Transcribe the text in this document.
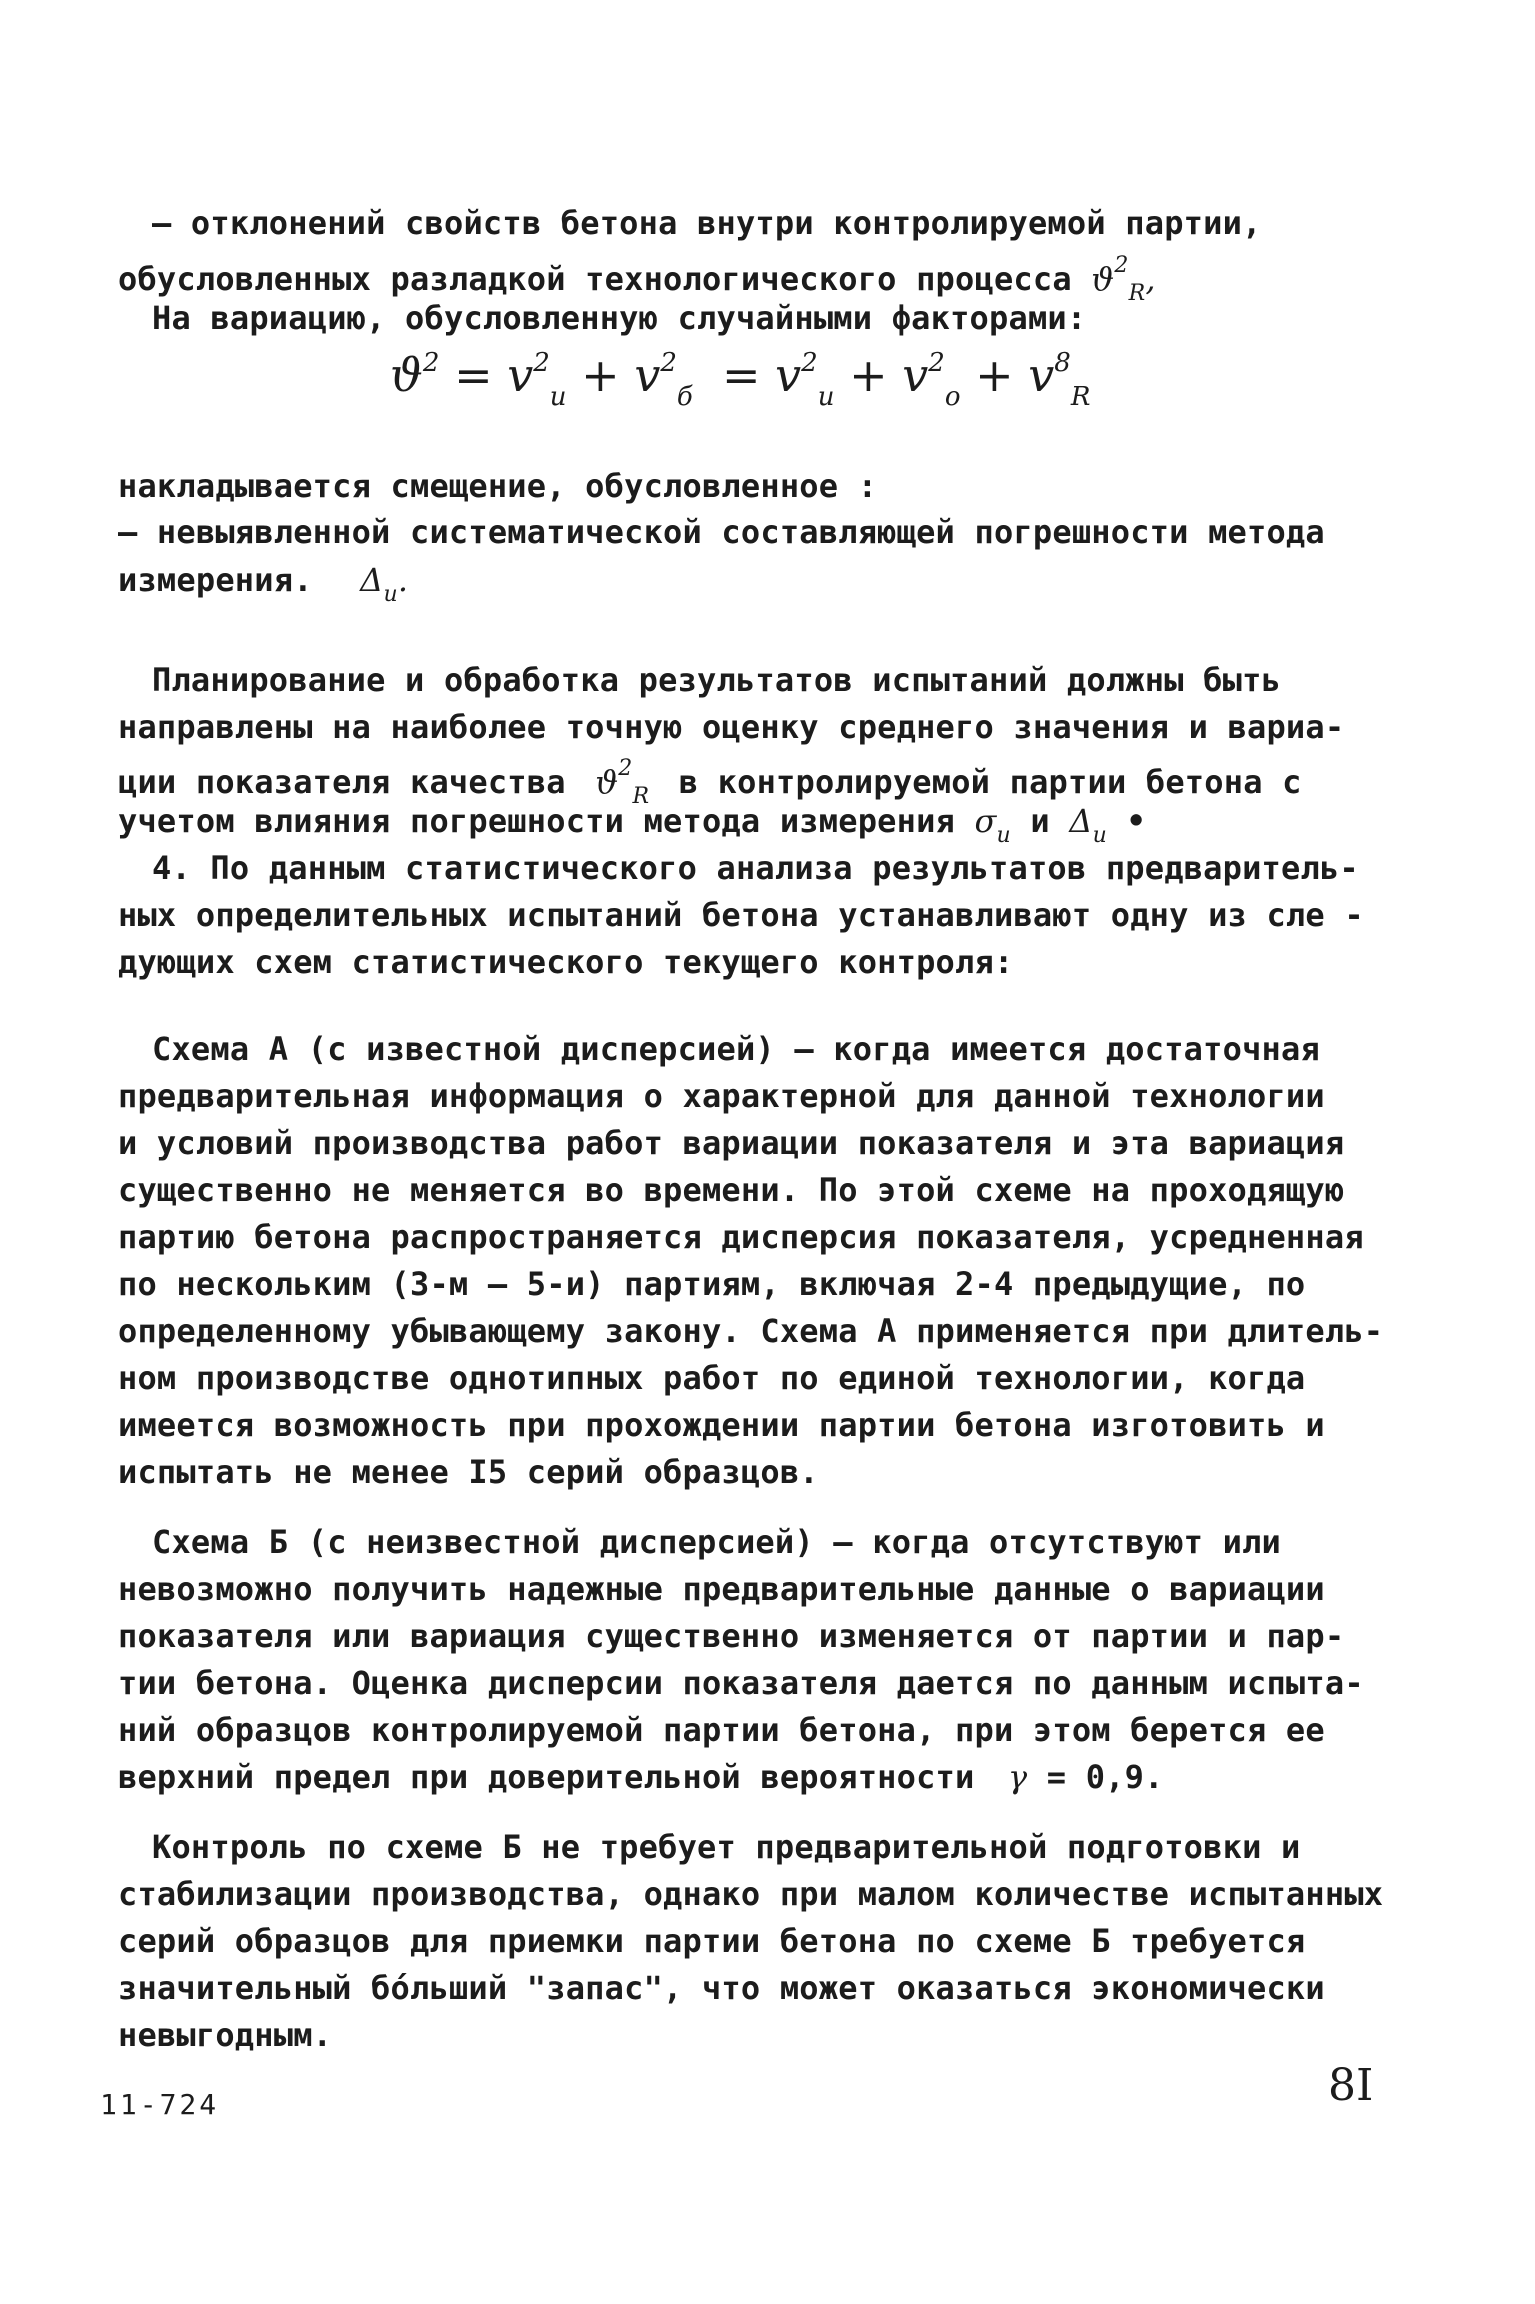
– отклонений свойств бетона внутри контролируемой партии,
обусловленных разладкой технологического процесса $ϑ^2_R$,
На вариацию, обусловленную случайными факторами:
$ϑ^2 = v^2_и + v^2_б = v^2_и + v^2_о + v^8_R$
накладывается смещение, обусловленное :
– невыявленной систематической составляющей погрешности метода
измерения. $\Delta_и$.
Планирование и обработка результатов испытаний должны быть
направлены на наиболее точную оценку среднего значения и вариа-
ции показателя качества $ϑ^2_R$ в контролируемой партии бетона с
учетом влияния погрешности метода измерения $\sigma_и$ и $\Delta_и$ •
4. По данным статистического анализа результатов предваритель-
ных определительных испытаний бетона устанавливают одну из сле -
дующих схем статистического текущего контроля:
Схема А (с известной дисперсией) – когда имеется достаточная
предварительная информация о характерной для данной технологии
и условий производства работ вариации показателя и эта вариация
существенно не меняется во времени. По этой схеме на проходящую
партию бетона распространяется дисперсия показателя, усредненная
по нескольким (3-м – 5-и) партиям, включая 2-4 предыдущие, по
определенному убывающему закону. Схема А применяется при длитель-
ном производстве однотипных работ по единой технологии, когда
имеется возможность при прохождении партии бетона изготовить и
испытать не менее I5 серий образцов.
Схема Б (с неизвестной дисперсией) – когда отсутствуют или
невозможно получить надежные предварительные данные о вариации
показателя или вариация существенно изменяется от партии и пар-
тии бетона. Оценка дисперсии показателя дается по данным испыта-
ний образцов контролируемой партии бетона, при этом берется ее
верхний предел при доверительной вероятности γ = 0,9.
Контроль по схеме Б не требует предварительной подготовки и
стабилизации производства, однако при малом количестве испытанных
серий образцов для приемки партии бетона по схеме Б требуется
значительный бо́льший "запас", что может оказаться экономически
невыгодным.
11-724	8I
